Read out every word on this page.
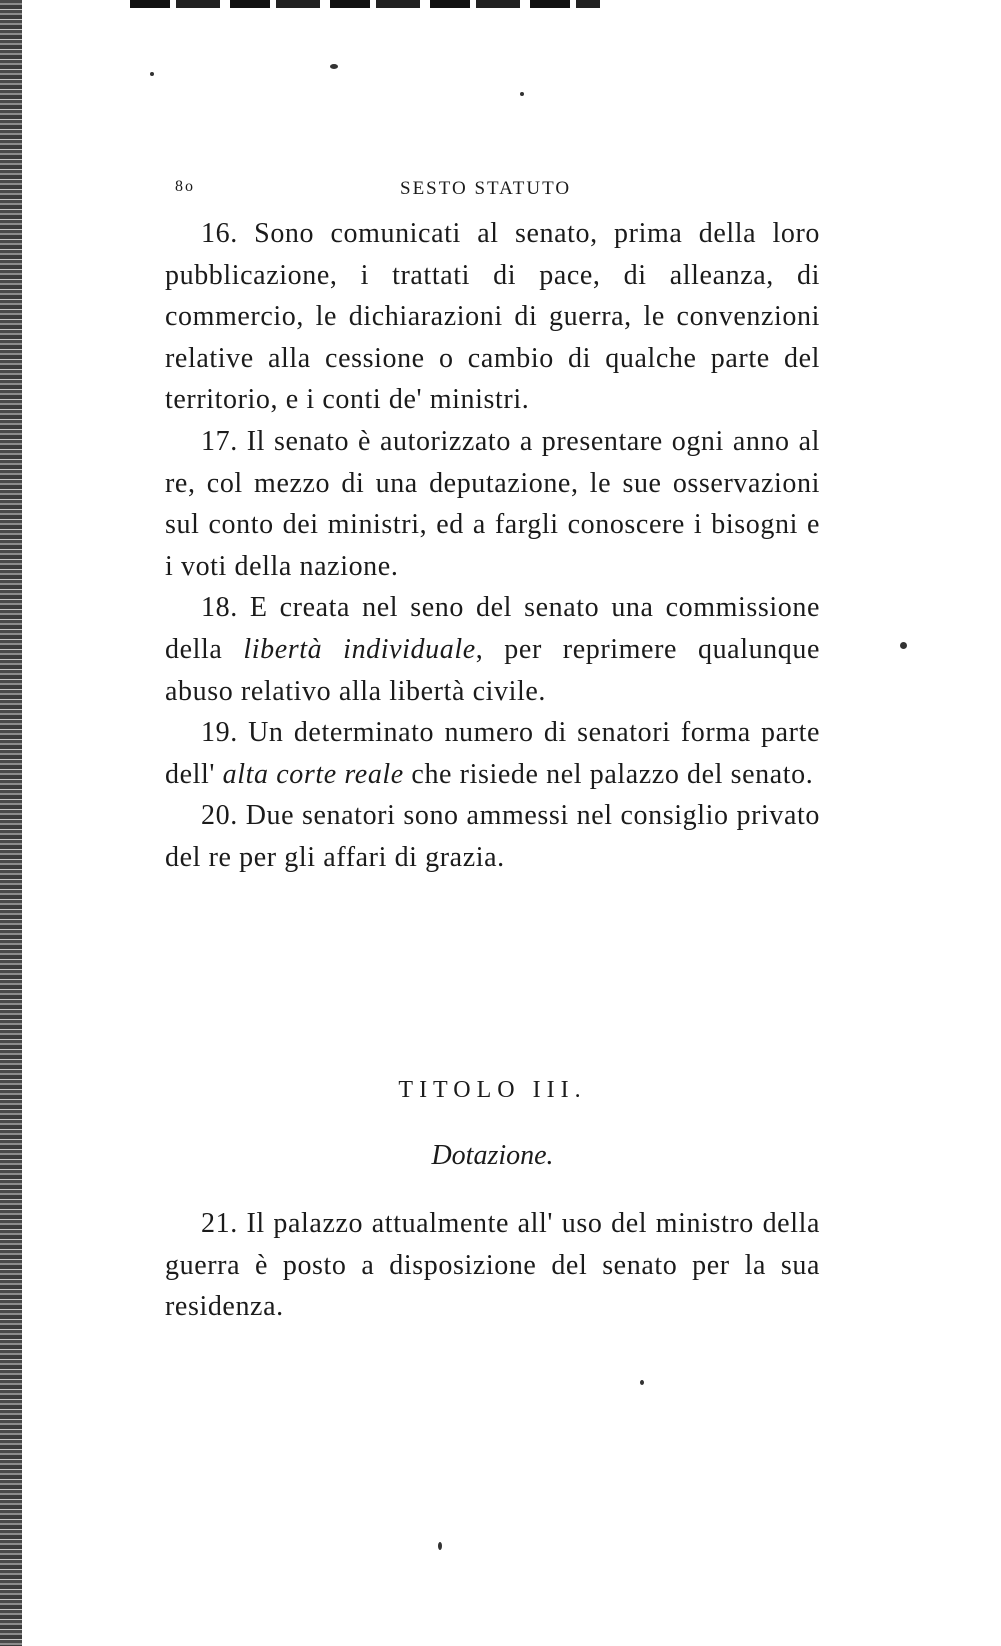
8o	SESTO STATUTO

16. Sono comunicati al senato, prima della loro pubblicazione, i trattati di pace, di alleanza, di commercio, le dichiarazioni di guerra, le convenzioni relative alla cessione o cambio di qualche parte del territorio, e i conti de' ministri.

17. Il senato è autorizzato a presentare ogni anno al re, col mezzo di una deputazione, le sue osservazioni sul conto dei ministri, ed a fargli conoscere i bisogni e i voti della nazione.

18. E creata nel seno del senato una commissione della libertà individuale, per reprimere qualunque abuso relativo alla libertà civile.

19. Un determinato numero di senatori forma parte dell' alta corte reale che risiede nel palazzo del senato.

20. Due senatori sono ammessi nel consiglio privato del re per gli affari di grazia.

TITOLO III.
Dotazione.

21. Il palazzo attualmente all' uso del ministro della guerra è posto a disposizione del senato per la sua residenza.
